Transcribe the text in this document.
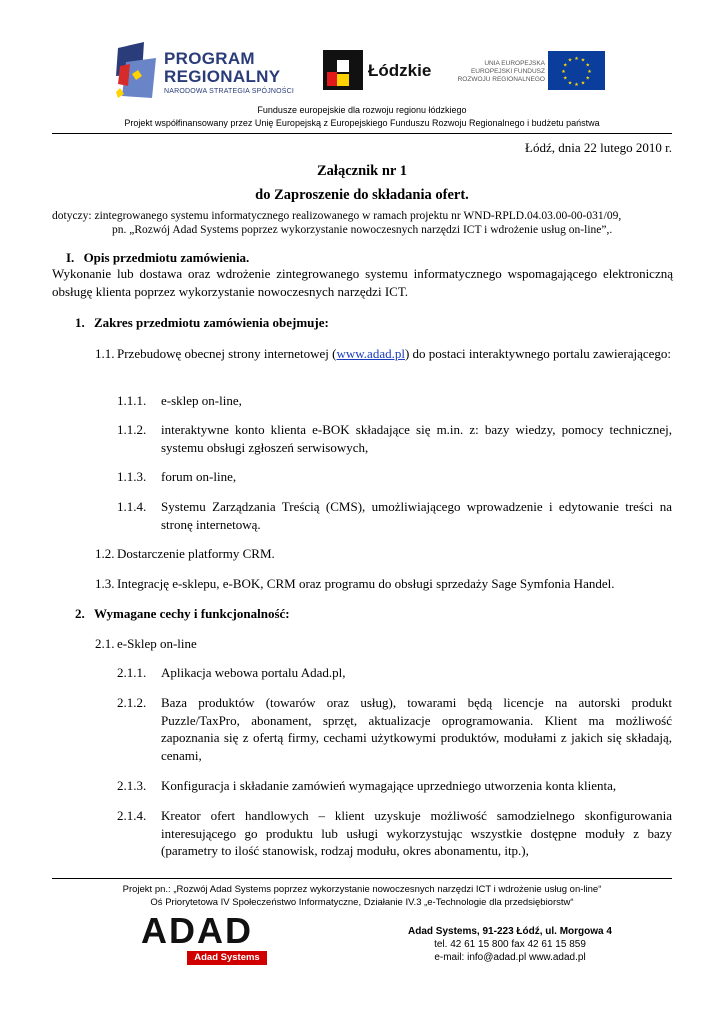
PROGRAM
REGIONALNY
NARODOWA STRATEGIA SPÓJNOŚCI
Łódzkie	UNIA EUROPEJSKA
EUROPEJSKI FUNDUSZ
ROZWOJU REGIONALNEGO
★ ★
★
★
★
★
★
★
★
★
★
★
Fundusze europejskie dla rozwoju regionu łódzkiego
Projekt współfinansowany przez Unię Europejską z Europejskiego Funduszu Rozwoju Regionalnego i budżetu państwa
Łódź, dnia 22 lutego 2010 r.
Załącznik nr 1
do Zaproszenie do składania ofert.
dotyczy: zintegrowanego systemu informatycznego realizowanego w ramach projektu nr WND-RPLD.04.03.00-00-031/09,
pn. „Rozwój Adad Systems poprzez wykorzystanie nowoczesnych narzędzi ICT i wdrożenie usług on-line”,.
I. Opis przedmiotu zamówienia.
Wykonanie lub dostawa oraz wdrożenie zintegrowanego systemu informatycznego wspomagającego elektroniczną obsługę klienta poprzez wykorzystanie nowoczesnych narzędzi ICT.
1. Zakres przedmiotu zamówienia obejmuje:
1.1. Przebudowę obecnej strony internetowej (www.adad.pl) do postaci interaktywnego portalu zawierającego:
1.1.1. e-sklep on-line,
1.1.2. interaktywne konto klienta e-BOK składające się m.in. z: bazy wiedzy, pomocy technicznej, systemu obsługi zgłoszeń serwisowych,
1.1.3. forum on-line,
1.1.4. Systemu Zarządzania Treścią (CMS), umożliwiającego wprowadzenie i edytowanie treści na stronę internetową.
1.2. Dostarczenie platformy CRM.
1.3. Integrację e-sklepu, e-BOK, CRM oraz programu do obsługi sprzedaży Sage Symfonia Handel.
2. Wymagane cechy i funkcjonalność:
2.1. e-Sklep on-line
2.1.1. Aplikacja webowa portalu Adad.pl,
2.1.2. Baza produktów (towarów oraz usług), towarami będą licencje na autorski produkt Puzzle/TaxPro, abonament, sprzęt, aktualizacje oprogramowania. Klient ma możliwość zapoznania się z ofertą firmy, cechami użytkowymi produktów, modułami z jakich się składają, cenami,
2.1.3. Konfiguracja i składanie zamówień wymagające uprzedniego utworzenia konta klienta,
2.1.4. Kreator ofert handlowych – klient uzyskuje możliwość samodzielnego skonfigurowania interesującego go produktu lub usługi wykorzystując wszystkie dostępne moduły z bazy (parametry to ilość stanowisk, rodzaj modułu, okres abonamentu, itp.),
Projekt pn.: „Rozwój Adad Systems poprzez wykorzystanie nowoczesnych narzędzi ICT i wdrożenie usług on-line“
Oś Priorytetowa IV Społeczeństwo Informatyczne, Działanie IV.3 „e-Technologie dla przedsiębiorstw“
ADAD
Adad Systems
Adad Systems, 91-223 Łódź, ul. Morgowa 4
tel. 42 61 15 800 fax 42 61 15 859
e-mail: info@adad.pl www.adad.pl
